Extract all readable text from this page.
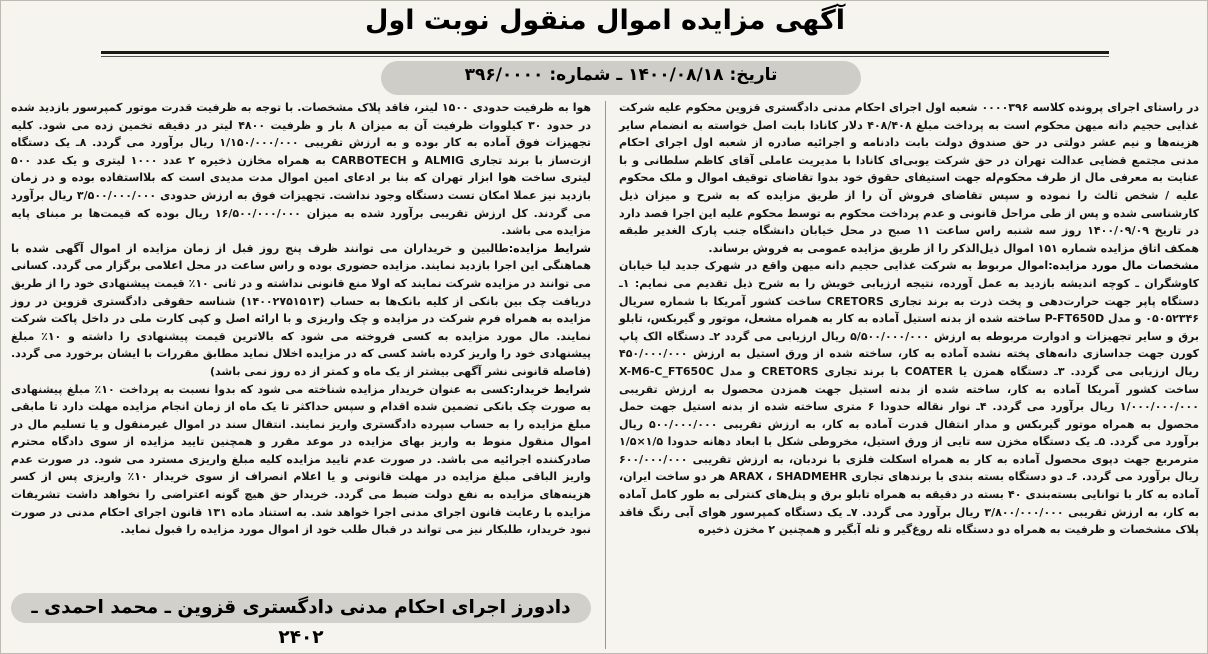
آگهی مزایده اموال منقول نوبت اول
تاریخ: ۱۴۰۰/۰۸/۱۸ ـ شماره: ۳۹۶/۰۰۰۰

در راستای اجرای پرونده کلاسه ۰۰۰۰۳۹۶ شعبه اول اجرای احکام مدنی دادگستری قزوین محکوم علیه شرکت غذایی حجیم دانه میهن محکوم است به پرداخت مبلغ ۴۰۸/۴۰۸ دلار کانادا بابت اصل خواسته به انضمام سایر هزینه‌ها و نیم عشر دولتی در حق صندوق دولت بابت دادنامه و اجرائیه صادره از شعبه اول اجرای احکام مدنی مجتمع قضایی عدالت تهران در حق شرکت یوبی‌ای کانادا با مدیریت عاملی آقای کاظم سلطانی و با عنایت به معرفی مال از طرف محکوم‌له جهت استیفای حقوق خود بدوا تقاضای توقیف اموال و ملک محکوم علیه / شخص ثالث را نموده و سپس تقاضای فروش آن را از طریق مزایده که به شرح و میزان ذیل کارشناسی شده و پس از طی مراحل قانونی و عدم پرداخت محکوم به توسط محکوم علیه این اجرا قصد دارد در تاریخ ۱۴۰۰/۰۹/۰۹ روز سه شنبه راس ساعت ۱۱ صبح در محل خیابان دانشگاه جنب پارک الغدیر طبقه همکف اتاق مزایده شماره ۱۵۱ اموال ذیل‌الذکر را از طریق مزایده عمومی به فروش برساند.

مشخصات مال مورد مزایده:اموال مربوط به شرکت غذایی حجیم دانه میهن واقع در شهرک جدید لیا خیابان کاوشگران ـ کوچه اندیشه بازدید به عمل آورده، نتیجه ارزیابی خویش را به شرح ذیل تقدیم می نمایم: ۱ـ دستگاه پاپر جهت حرارت‌دهی و پخت ذرت به برند تجاری CRETORS ساخت کشور آمریکا با شماره سریال ۰۵۰۵۲۳۴۶ و مدل P-FT650D ساخته شده از بدنه استیل آماده به کار به همراه مشعل، موتور و گیربکس، تابلو برق و سایر تجهیزات و ادوارت مربوطه به ارزش ۵/۵۰۰/۰۰۰/۰۰۰ ریال ارزیابی می گردد ۲ـ دستگاه الک پاپ کورن جهت جداسازی دانه‌های پخته نشده آماده به کار، ساخته شده از ورق استیل به ارزش ۴۵۰/۰۰۰/۰۰۰ ریال ارزیابی می گردد. ۳ـ دستگاه همزن یا COATER با برند تجاری CRETORS و مدل X-M6-C_FT650C ساخت کشور آمریکا آماده به کار، ساخته شده از بدنه استیل جهت همزدن محصول به ارزش تقریبی ۱/۰۰۰/۰۰۰/۰۰۰ ریال برآورد می گردد. ۴ـ نوار نقاله حدودا ۶ متری ساخته شده از بدنه استیل جهت حمل محصول به همراه موتور گیربکس و مدار انتقال قدرت آماده به کار، به ارزش تقریبی ۵۰۰/۰۰۰/۰۰۰ ریال برآورد می گردد. ۵ـ یک دستگاه مخزن سه تایی از ورق استیل، مخروطی شکل با ابعاد دهانه حدودا ۱/۵×۱/۵ مترمربع جهت دپوی محصول آماده به کار به همراه اسکلت فلزی با نردبان، به ارزش تقریبی ۶۰۰/۰۰۰/۰۰۰ ریال برآورد می گردد. ۶ـ دو دستگاه بسته بندی با برندهای تجاری ARAX ، SHADMEHR هر دو ساخت ایران، آماده به کار با توانایی بسته‌بندی ۴۰ بسته در دقیقه به همراه تابلو برق و پنل‌های کنترلی به طور کامل آماده به کار، به ارزش تقریبی ۳/۸۰۰/۰۰۰/۰۰۰ ریال برآورد می گردد. ۷ـ یک دستگاه کمپرسور هوای آبی رنگ فاقد پلاک مشخصات و ظرفیت به همراه دو دستگاه تله روغ‌گیر و تله آبگیر و همچنین ۲ مخزن ذخیره

هوا به ظرفیت حدودی ۱۵۰۰ لیتر، فاقد پلاک مشخصات. با توجه به ظرفیت قدرت موتور کمپرسور بازدید شده در حدود ۳۰ کیلووات ظرفیت آن به میزان ۸ بار و ظرفیت ۴۸۰۰ لیتر در دقیقه تخمین زده می شود. کلیه تجهیزات فوق آماده به کار بوده و به ارزش تقریبی ۱/۱۵۰/۰۰۰/۰۰۰ ریال برآورد می گردد. ۸ـ یک دستگاه ازت‌ساز با برند تجاری ALMIG و CARBOTECH به همراه مخازن ذخیره ۲ عدد ۱۰۰۰ لیتری و یک عدد ۵۰۰ لیتری ساخت هوا ابزار تهران که بنا بر ادعای امین اموال مدت مدیدی است که بلااستفاده بوده و در زمان بازدید نیز عملا امکان تست دستگاه وجود نداشت. تجهیزات فوق به ارزش حدودی ۳/۵۰۰/۰۰۰/۰۰۰ ریال برآورد می گردند. کل ارزش تقریبی برآورد شده به میزان ۱۶/۵۰۰/۰۰۰/۰۰۰ ریال بوده که قیمت‌ها بر مبنای پایه مزایده می باشد.

شرایط مزایده:طالبین و خریداران می توانند ظرف پنج روز قبل از زمان مزایده از اموال آگهی شده با هماهنگی این اجرا بازدید نمایند. مزایده حضوری بوده و راس ساعت در محل اعلامی برگزار می گردد. کسانی می توانند در مزایده شرکت نمایند که اولا منع قانونی نداشته و در ثانی ۱۰٪ قیمت پیشنهادی خود را از طریق دریافت چک بین بانکی از کلیه بانک‌ها به حساب (۱۴۰۰۲۷۵۱۵۱۳) شناسه حقوقی دادگستری قزوین در روز مزایده به همراه فرم شرکت در مزایده و چک واریزی و با ارائه اصل و کپی کارت ملی در داخل پاکت شرکت نمایند. مال مورد مزایده به کسی فروخته می شود که بالاترین قیمت پیشنهادی را داشته و ۱۰٪ مبلغ پیشنهادی خود را واریز کرده باشد کسی که در مزایده اخلال نماید مطابق مقررات با ایشان برخورد می گردد. (فاصله قانونی نشر آگهی بیشتر از یک ماه و کمتر از ده روز نمی باشد)

شرایط خریدار:کسی به عنوان خریدار مزایده شناخته می شود که بدوا نسبت به پرداخت ۱۰٪ مبلغ پیشنهادی به صورت چک بانکی تضمین شده اقدام و سپس حداکثر تا یک ماه از زمان انجام مزایده مهلت دارد تا مابقی مبلغ مزایده را به حساب سپرده دادگستری واریز نمایند. انتقال سند در اموال غیرمنقول و یا تسلیم مال در اموال منقول منوط به واریز بهای مزایده در موعد مقرر و همچنین تایید مزایده از سوی دادگاه محترم صادرکننده اجرائیه می باشد. در صورت عدم تایید مزایده کلیه مبلغ واریزی مسترد می شود. در صورت عدم واریز الباقی مبلغ مزایده در مهلت قانونی و یا اعلام انصراف از سوی خریدار ۱۰٪ واریزی پس از کسر هزینه‌های مزایده به نفع دولت ضبط می گردد. خریدار حق هیچ گونه اعتراضی را نخواهد داشت تشریفات مزایده با رعایت قانون اجرای مدنی اجرا خواهد شد. به استناد ماده ۱۳۱ قانون اجرای احکام مدنی در صورت نبود خریدار، طلبکار نیز می تواند در قبال طلب خود از اموال مورد مزایده را قبول نماید.

دادورز اجرای احکام مدنی دادگستری قزوین ـ محمد احمدی ـ ۲۴۰۲
